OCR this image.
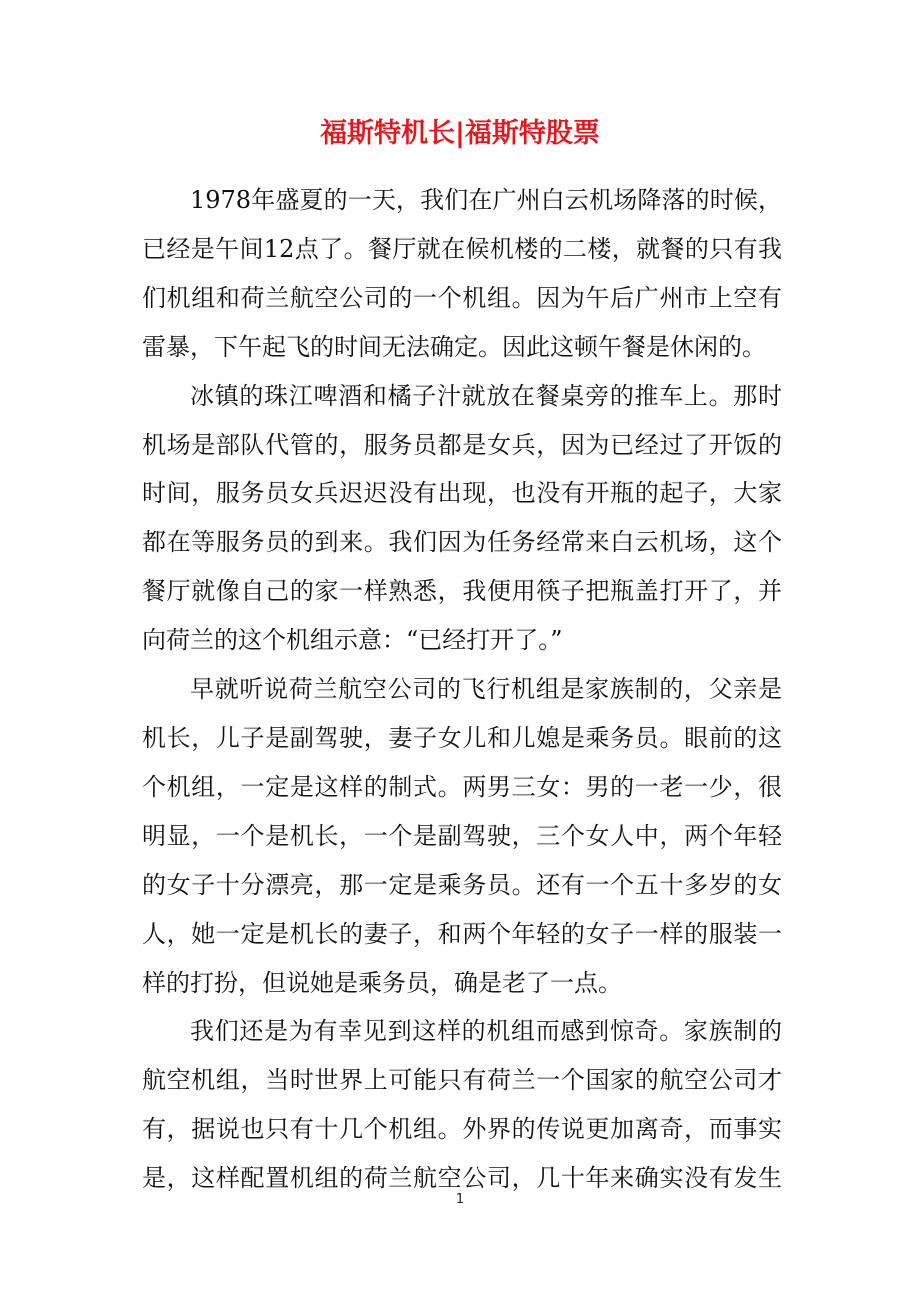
福斯特机长|福斯特股票

1978年盛夏的一天，我们在广州白云机场降落的时候，已经是午间12点了。餐厅就在候机楼的二楼，就餐的只有我们机组和荷兰航空公司的一个机组。因为午后广州市上空有雷暴，下午起飞的时间无法确定。因此这顿午餐是休闲的。

冰镇的珠江啤酒和橘子汁就放在餐桌旁的推车上。那时机场是部队代管的，服务员都是女兵，因为已经过了开饭的时间，服务员女兵迟迟没有出现，也没有开瓶的起子，大家都在等服务员的到来。我们因为任务经常来白云机场，这个餐厅就像自己的家一样熟悉，我便用筷子把瓶盖打开了，并向荷兰的这个机组示意：“已经打开了。”

早就听说荷兰航空公司的飞行机组是家族制的，父亲是机长，儿子是副驾驶，妻子女儿和儿媳是乘务员。眼前的这个机组，一定是这样的制式。两男三女：男的一老一少，很明显，一个是机长，一个是副驾驶，三个女人中，两个年轻的女子十分漂亮，那一定是乘务员。还有一个五十多岁的女人，她一定是机长的妻子，和两个年轻的女子一样的服装一样的打扮，但说她是乘务员，确是老了一点。

我们还是为有幸见到这样的机组而感到惊奇。家族制的航空机组，当时世界上可能只有荷兰一个国家的航空公司才有，据说也只有十几个机组。外界的传说更加离奇，而事实是，这样配置机组的荷兰航空公司，几十年来确实没有发生

1
